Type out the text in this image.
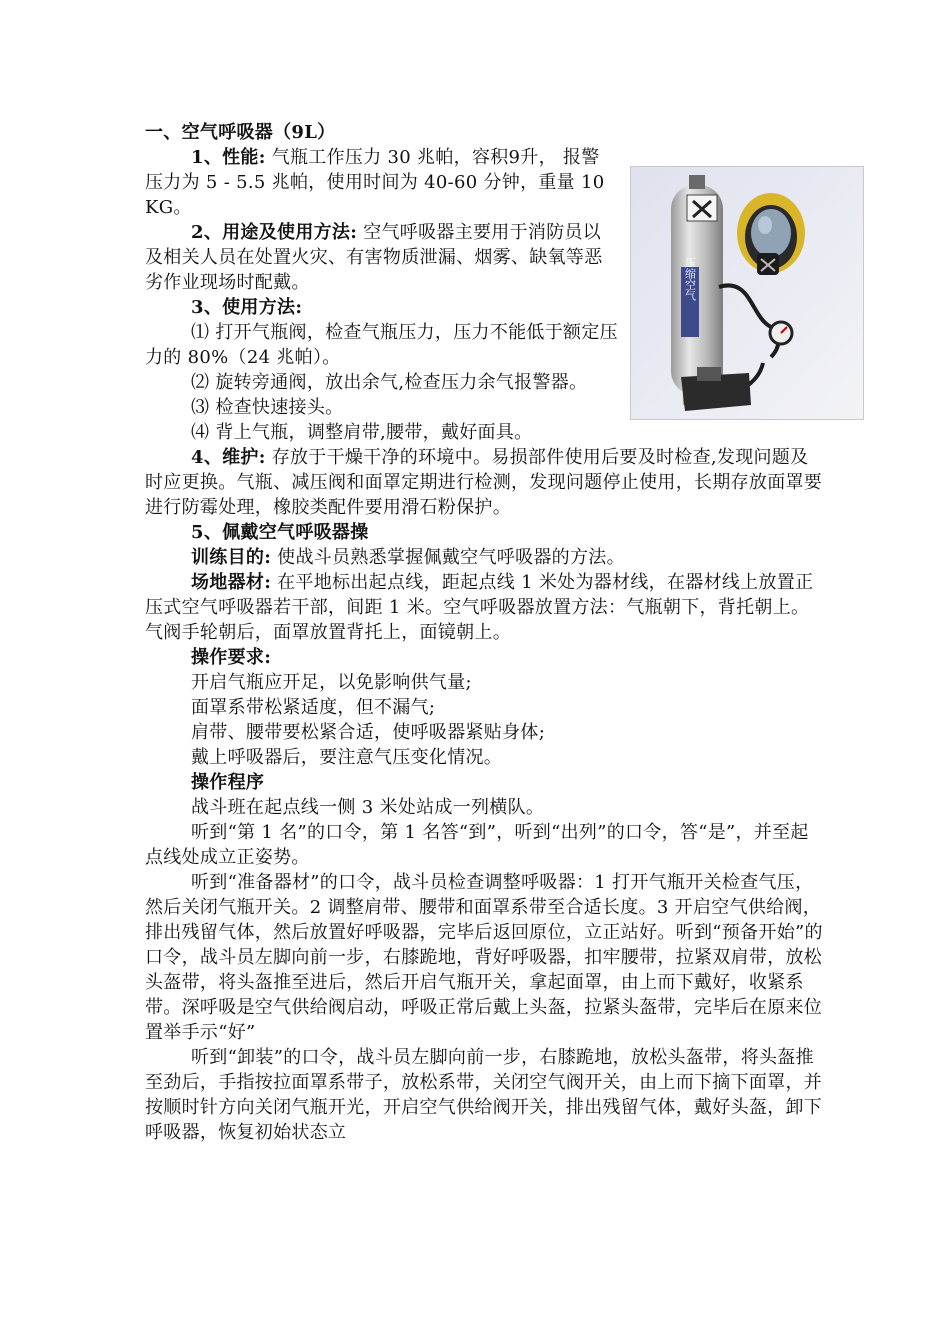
压缩空气

一、空气呼吸器（9L）

1、性能: 气瓶工作压力 30 兆帕，容积9升， 报警压力为 5 - 5.5 兆帕，使用时间为 40-60 分钟，重量 10 KG。

2、用途及使用方法: 空气呼吸器主要用于消防员以及相关人员在处置火灾、有害物质泄漏、烟雾、缺氧等恶劣作业现场时配戴。

3、使用方法:

⑴ 打开气瓶阀，检查气瓶压力，压力不能低于额定压力的 80%（24 兆帕）。

⑵ 旋转旁通阀，放出余气,检查压力余气报警器。

⑶ 检查快速接头。

⑷ 背上气瓶，调整肩带,腰带，戴好面具。

4、维护: 存放于干燥干净的环境中。易损部件使用后要及时检查,发现问题及时应更换。气瓶、减压阀和面罩定期进行检测，发现问题停止使用，长期存放面罩要进行防霉处理，橡胶类配件要用滑石粉保护。

5、佩戴空气呼吸器操

训练目的: 使战斗员熟悉掌握佩戴空气呼吸器的方法。

场地器材: 在平地标出起点线，距起点线 1 米处为器材线，在器材线上放置正压式空气呼吸器若干部，间距 1 米。空气呼吸器放置方法：气瓶朝下，背托朝上。气阀手轮朝后，面罩放置背托上，面镜朝上。

操作要求:

开启气瓶应开足，以免影响供气量;

面罩系带松紧适度，但不漏气;

肩带、腰带要松紧合适，使呼吸器紧贴身体;

戴上呼吸器后，要注意气压变化情况。

操作程序

战斗班在起点线一侧 3 米处站成一列横队。

听到“第 1 名”的口令，第 1 名答“到”，听到“出列”的口令，答“是”，并至起点线处成立正姿势。

听到“准备器材”的口令，战斗员检查调整呼吸器：1 打开气瓶开关检查气压，然后关闭气瓶开关。2 调整肩带、腰带和面罩系带至合适长度。3 开启空气供给阀，排出残留气体，然后放置好呼吸器，完毕后返回原位，立正站好。听到“预备开始”的口令，战斗员左脚向前一步，右膝跪地，背好呼吸器，扣牢腰带，拉紧双肩带，放松头盔带，将头盔推至进后，然后开启气瓶开关，拿起面罩，由上而下戴好，收紧系带。深呼吸是空气供给阀启动，呼吸正常后戴上头盔，拉紧头盔带，完毕后在原来位置举手示“好”

听到“卸装”的口令，战斗员左脚向前一步，右膝跪地，放松头盔带，将头盔推至劲后，手指按拉面罩系带子，放松系带，关闭空气阀开关，由上而下摘下面罩，并按顺时针方向关闭气瓶开光，开启空气供给阀开关，排出残留气体，戴好头盔，卸下呼吸器，恢复初始状态立
